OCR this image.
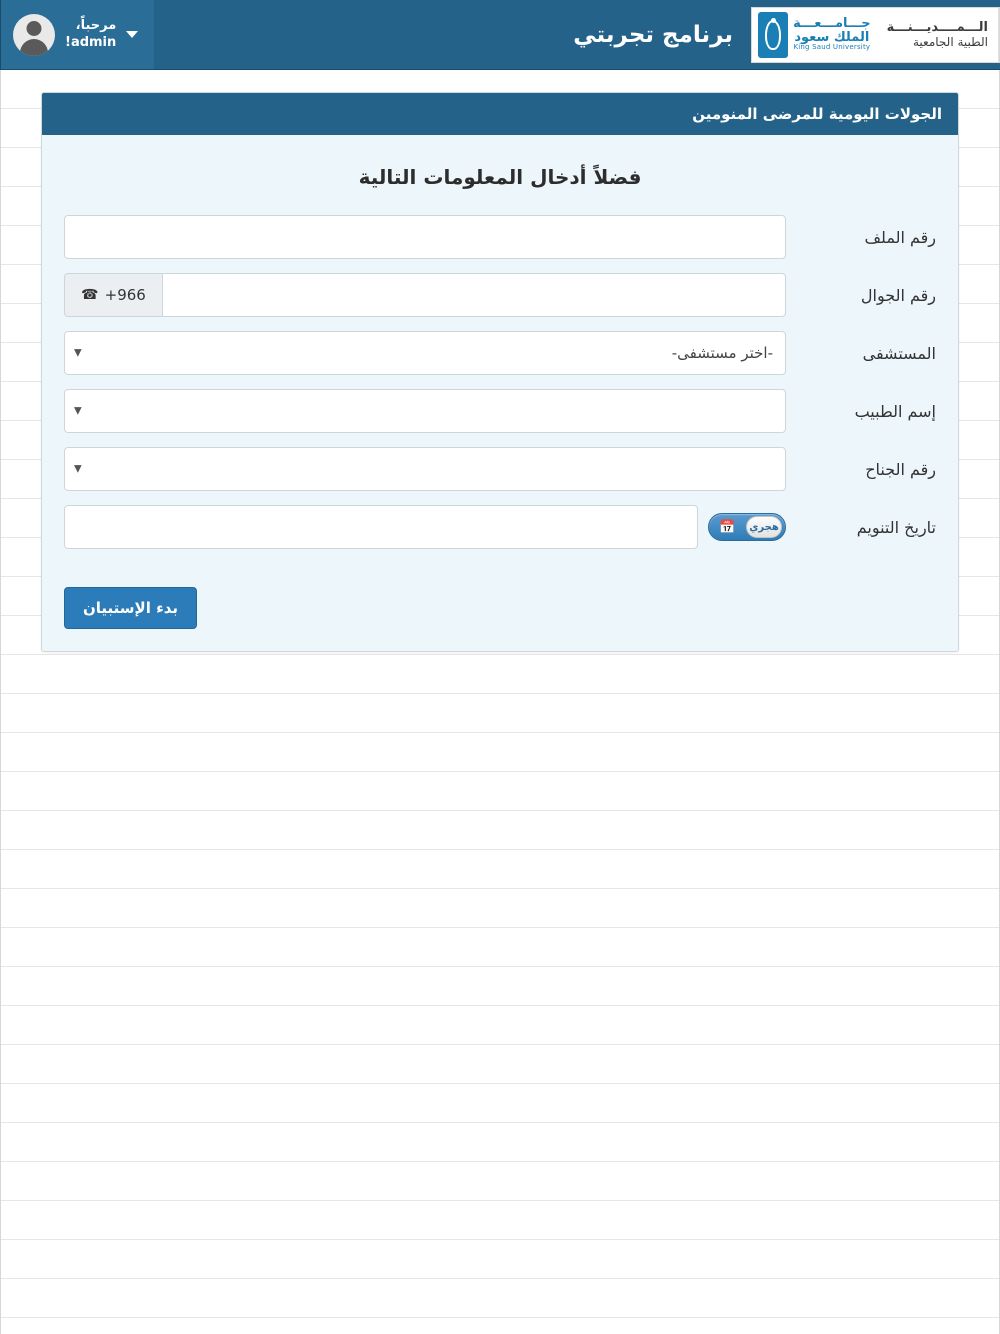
الـــمــــديـــنـــة
الطبية الجامعية
جـــامـــعـــة
الملك سعود
King Saud University
برنامج تجربتي
مرحباً،
admin!
الجولات اليومية للمرضى المنومين
فضلاً أدخال المعلومات التالية
رقم الملف
رقم الجوال
☎ +966
المستشفى
-اختر مستشفى-
▼
إسم الطبيب
▼
رقم الجناح
▼
تاريخ التنويم
📅	هجري
بدء الإستبيان
